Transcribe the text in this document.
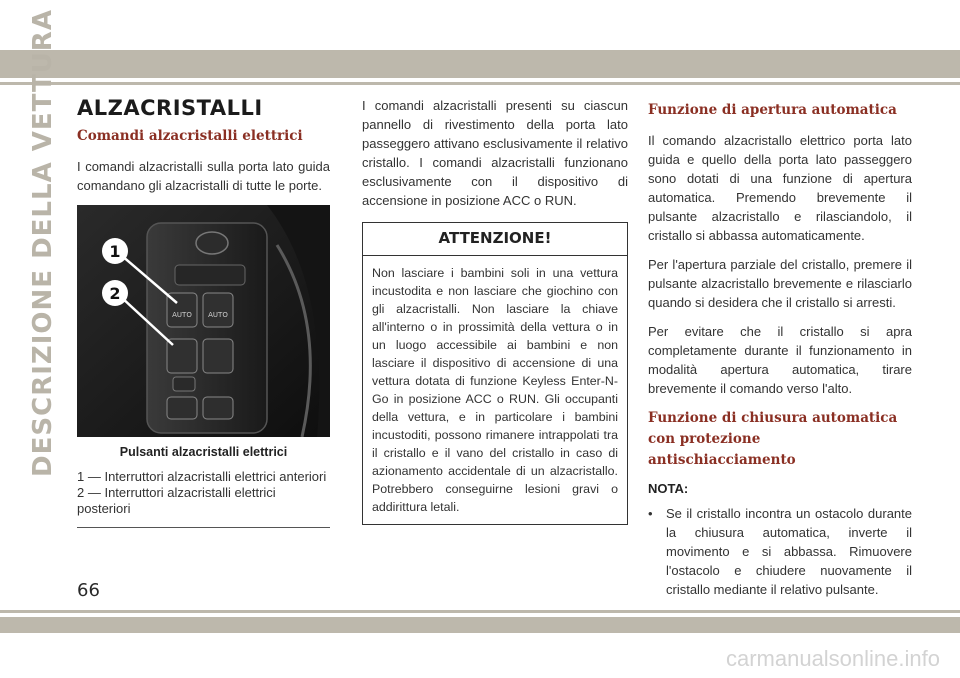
DESCRIZIONE DELLA VETTURA ALZACRISTALLI
Comandi alzacristalli elettrici

I comandi alzacristalli sulla porta lato guida comandano gli alzacristalli di tutte le porte.

AUTO AUTO
1
2
Pulsanti alzacristalli elettrici
1 — Interruttori alzacristalli elettrici anteriori
2 — Interruttori alzacristalli elettrici posteriori

I comandi alzacristalli presenti su ciascun pannello di rivestimento della porta lato passeggero attivano esclusivamente il relativo cristallo. I comandi alzacristalli funzionano esclusivamente con il dispositivo di accensione in posizione ACC o RUN.

ATTENZIONE!
Non lasciare i bambini soli in una vettura incustodita e non lasciare che giochino con gli alzacristalli. Non lasciare la chiave all'interno o in prossimità della vettura o in un luogo accessibile ai bambini e non lasciare il dispositivo di accensione di una vettura dotata di funzione Keyless Enter-N-Go in posizione ACC o RUN. Gli occupanti della vettura, e in particolare i bambini incustoditi, possono rimanere intrappolati tra il cristallo e il vano del cristallo in caso di azionamento accidentale di un alzacristallo. Potrebbero conseguirne lesioni gravi o addirittura letali.
Funzione di apertura automatica

Il comando alzacristallo elettrico porta lato guida e quello della porta lato passeggero sono dotati di una funzione di apertura automatica. Premendo brevemente il pulsante alzacristallo e rilasciandolo, il cristallo si abbassa automaticamente.

Per l'apertura parziale del cristallo, premere il pulsante alzacristallo brevemente e rilasciarlo quando si desidera che il cristallo si arresti.

Per evitare che il cristallo si apra completamente durante il funzionamento in modalità apertura automatica, tirare brevemente il comando verso l'alto.

Funzione di chiusura automatica con protezione antischiacciamento
NOTA:
• Se il cristallo incontra un ostacolo durante la chiusura automatica, inverte il movimento e si abbassa. Rimuovere l'ostacolo e chiudere nuovamente il cristallo mediante il relativo pulsante.
66
carmanualsonline.info
